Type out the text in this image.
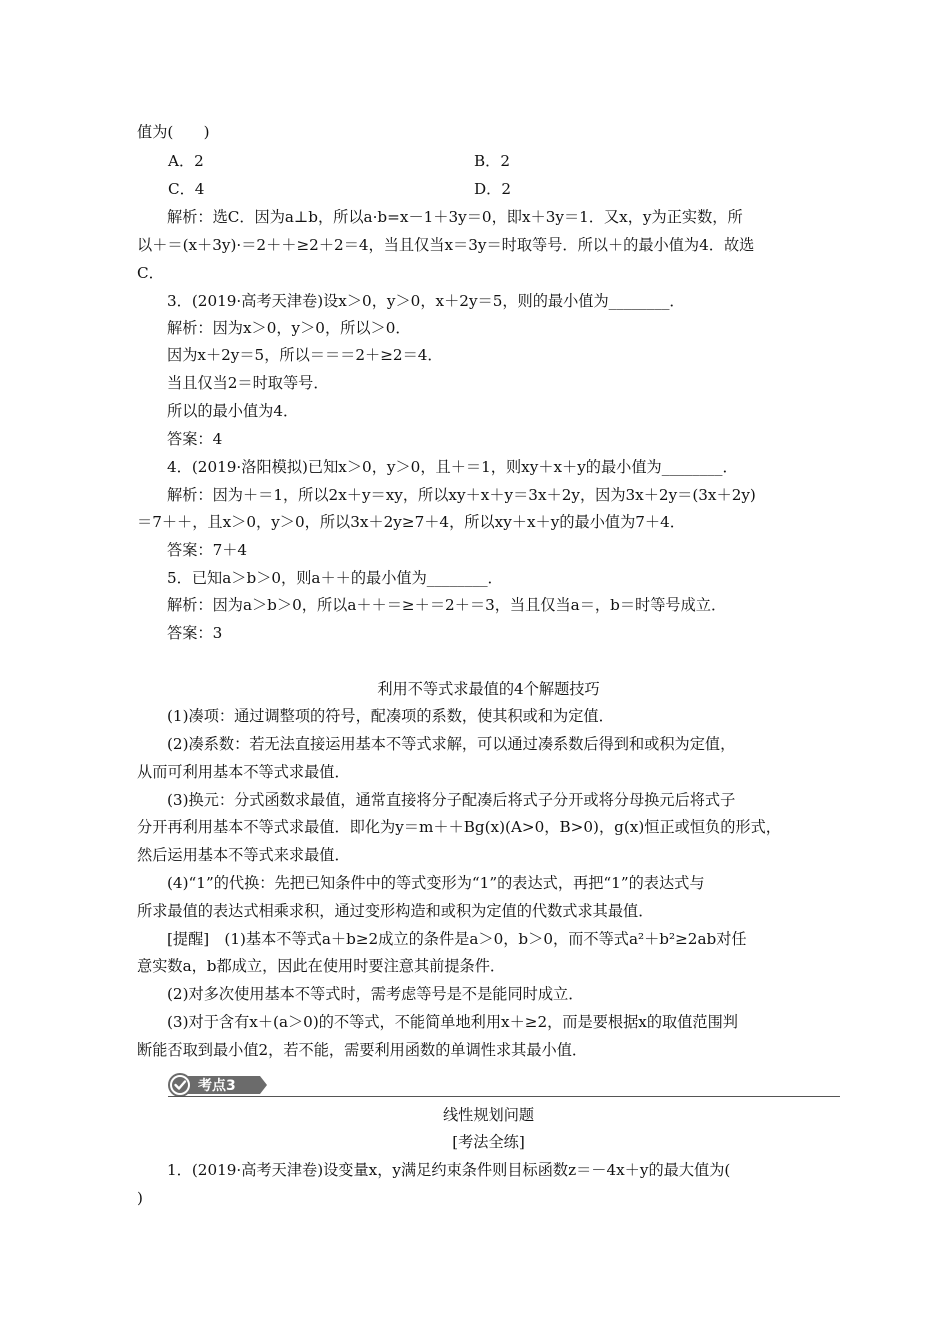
值为(　　)
A．2	B．2
C．4	D．2
解析：选C．因为a⊥b，所以a·b=x－1＋3y＝0，即x＋3y＝1．又x，y为正实数，所
以＋＝(x＋3y)·＝2＋＋≥2＋2＝4，当且仅当x＝3y＝时取等号．所以＋的最小值为4．故选
C．
3．(2019·高考天津卷)设x＞0，y＞0，x＋2y＝5，则的最小值为________．
解析：因为x＞0，y＞0，所以＞0．
因为x＋2y＝5，所以＝＝＝2＋≥2＝4．
当且仅当2＝时取等号．
所以的最小值为4．
答案：4
4．(2019·洛阳模拟)已知x＞0，y＞0，且＋＝1，则xy＋x＋y的最小值为________．
解析：因为＋＝1，所以2x＋y＝xy，所以xy＋x＋y＝3x＋2y，因为3x＋2y＝(3x＋2y)
＝7＋＋，且x＞0，y＞0，所以3x＋2y≥7＋4，所以xy＋x＋y的最小值为7＋4．
答案：7＋4
5．已知a＞b＞0，则a＋＋的最小值为________．
解析：因为a＞b＞0，所以a＋＋＝≥＋＝2＋＝3，当且仅当a＝，b＝时等号成立．
答案：3
利用不等式求最值的4个解题技巧
(1)凑项：通过调整项的符号，配凑项的系数，使其积或和为定值．
(2)凑系数：若无法直接运用基本不等式求解，可以通过凑系数后得到和或积为定值，
从而可利用基本不等式求最值．
(3)换元：分式函数求最值，通常直接将分子配凑后将式子分开或将分母换元后将式子
分开再利用基本不等式求最值．即化为y＝m＋＋Bg(x)(A>0，B>0)，g(x)恒正或恒负的形式，
然后运用基本不等式来求最值．
(4)“1”的代换：先把已知条件中的等式变形为“1”的表达式，再把“1”的表达式与
所求最值的表达式相乘求积，通过变形构造和或积为定值的代数式求其最值．
[提醒]　(1)基本不等式a＋b≥2成立的条件是a＞0，b＞0，而不等式a²＋b²≥2ab对任
意实数a，b都成立，因此在使用时要注意其前提条件．
(2)对多次使用基本不等式时，需考虑等号是不是能同时成立．
(3)对于含有x＋(a＞0)的不等式，不能简单地利用x＋≥2，而是要根据x的取值范围判
断能否取到最小值2，若不能，需要利用函数的单调性求其最小值．
考点3
线性规划问题
[考法全练]
1．(2019·高考天津卷)设变量x，y满足约束条件则目标函数z＝－4x＋y的最大值为(
)
